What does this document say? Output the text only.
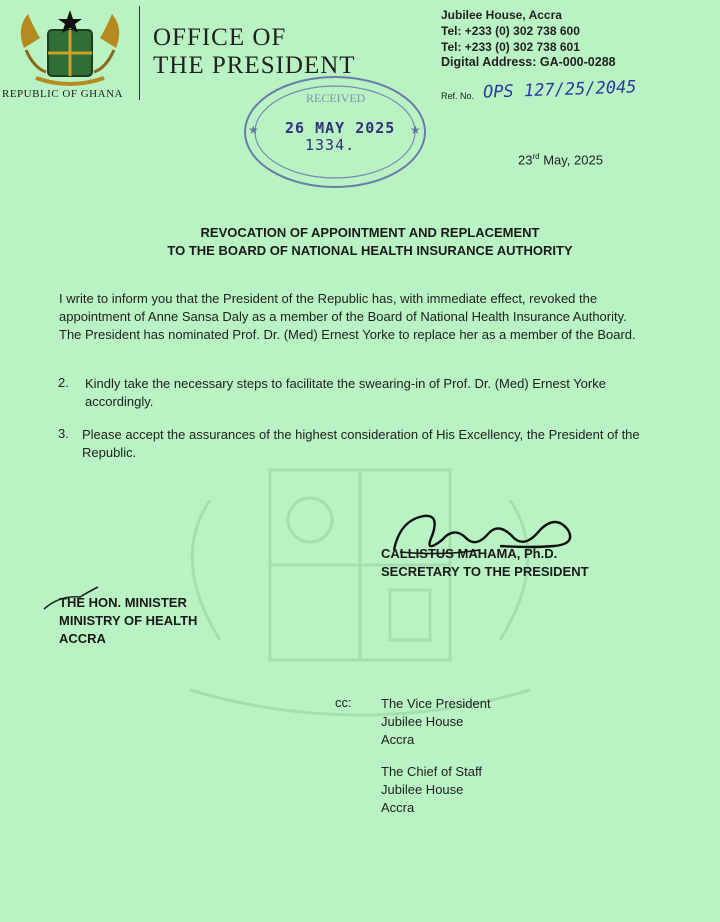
REPUBLIC OF GHANA
OFFICE OF
THE PRESIDENT
Jubilee House, Accra
Tel: +233 (0) 302 738 600
Tel: +233 (0) 302 738 601
Digital Address: GA-000-0288
Ref. No. OPS 127/25/2045
RECEIVED
★	★
26 MAY 2025
1334.
23rd May, 2025
REVOCATION OF APPOINTMENT AND REPLACEMENT
TO THE BOARD OF NATIONAL HEALTH INSURANCE AUTHORITY
I write to inform you that the President of the Republic has, with immediate effect, revoked the appointment of Anne Sansa Daly as a member of the Board of National Health Insurance Authority. The President has nominated Prof. Dr. (Med) Ernest Yorke to replace her as a member of the Board.
2. Kindly take the necessary steps to facilitate the swearing-in of Prof. Dr. (Med) Ernest Yorke accordingly.
3. Please accept the assurances of the highest consideration of His Excellency, the President of the Republic.
CALLISTUS MAHAMA, Ph.D.
SECRETARY TO THE PRESIDENT
THE HON. MINISTER
MINISTRY OF HEALTH
ACCRA
cc: The Vice President
Jubilee House
Accra
The Chief of Staff
Jubilee House
Accra
